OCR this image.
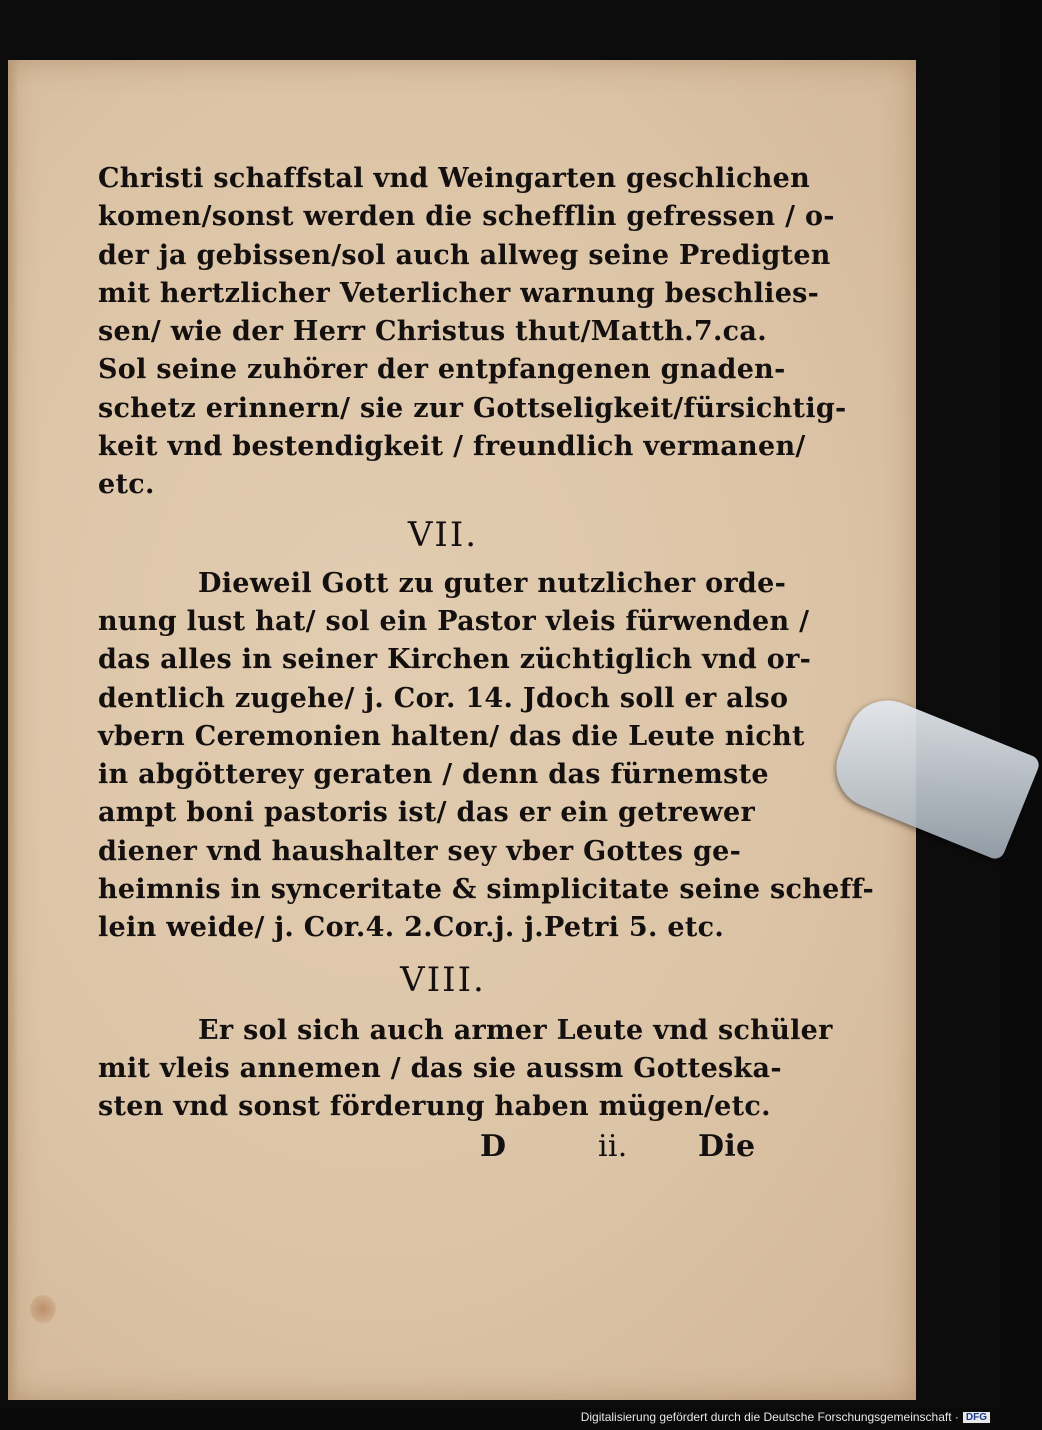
Christi schaffstal vnd Weingarten geschlichen
komen/sonst werden die schefflin gefressen / o-
der ja gebissen/sol auch allweg seine Predigten
mit hertzlicher Veterlicher warnung beschlies-
sen/ wie der Herr Christus thut/Matth.7.ca.
Sol seine zuhörer der entpfangenen gnaden-
schetz erinnern/ sie zur Gottseligkeit/fürsichtig-
keit vnd bestendigkeit / freundlich vermanen/
etc.
VII.
Dieweil Gott zu guter nutzlicher orde-
nung lust hat/ sol ein Pastor vleis fürwenden /
das alles in seiner Kirchen züchtiglich vnd or-
dentlich zugehe/ j. Cor. 14. Jdoch soll er also
vbern Ceremonien halten/ das die Leute nicht
in abgötterey geraten / denn das fürnemste
ampt boni pastoris ist/ das er ein getrewer
diener vnd haushalter sey vber Gottes ge-
heimnis in synceritate & simplicitate seine scheff-
lein weide/ j. Cor.4. 2.Cor.j. j.Petri 5. etc.
VIII.
Er sol sich auch armer Leute vnd schüler
mit vleis annemen / das sie aussm Gotteska-
sten vnd sonst förderung haben mügen/etc.
D	ii. Die
Digitalisierung gefördert durch die Deutsche Forschungsgemeinschaft · DFG
